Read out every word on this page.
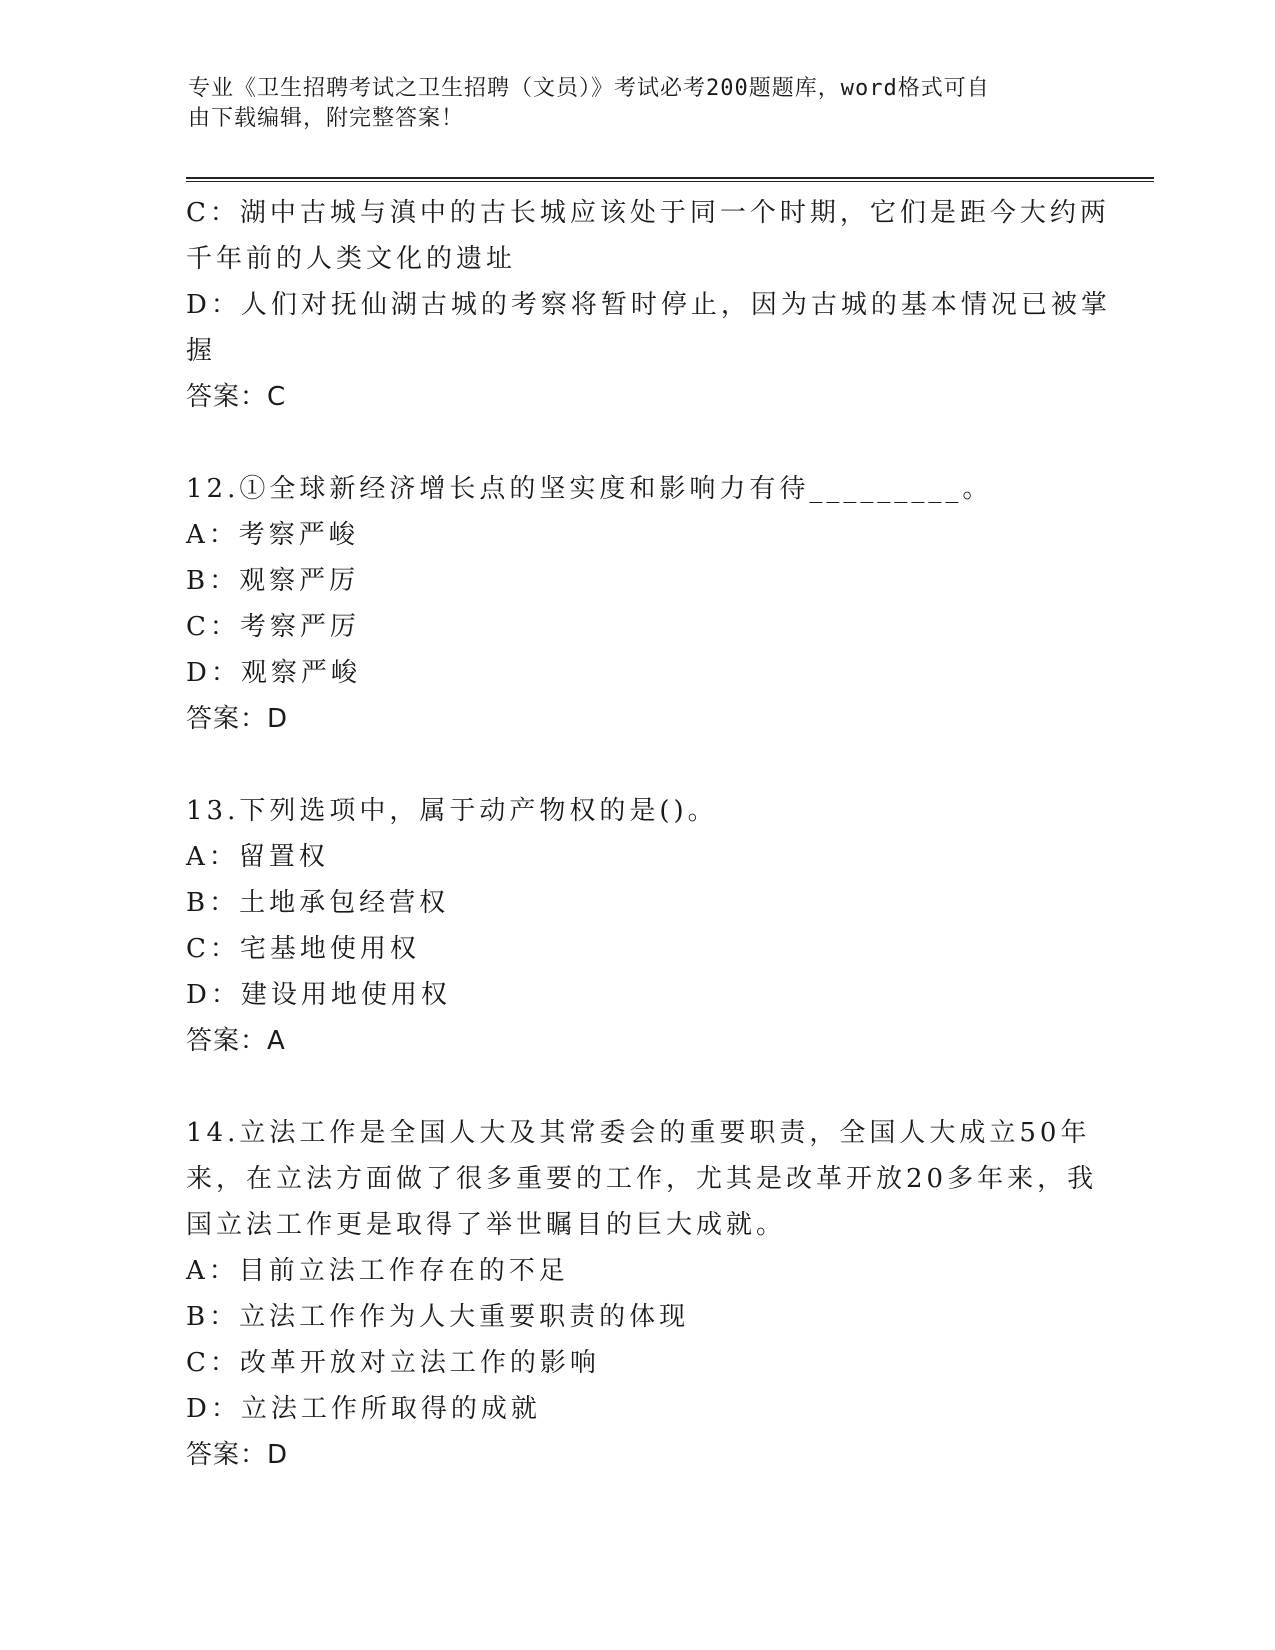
专业《卫生招聘考试之卫生招聘（文员）》考试必考200题题库，word格式可自
由下载编辑，附完整答案！
C：湖中古城与滇中的古长城应该处于同一个时期，它们是距今大约两
千年前的人类文化的遗址
D：人们对抚仙湖古城的考察将暂时停止，因为古城的基本情况已被掌
握
答案：C
12.①全球新经济增长点的坚实度和影响力有待_________。
A：考察严峻
B：观察严厉
C：考察严厉
D：观察严峻
答案：D
13.下列选项中，属于动产物权的是()。
A：留置权
B：土地承包经营权
C：宅基地使用权
D：建设用地使用权
答案：A
14.立法工作是全国人大及其常委会的重要职责，全国人大成立50年
来，在立法方面做了很多重要的工作，尤其是改革开放20多年来，我
国立法工作更是取得了举世瞩目的巨大成就。
A：目前立法工作存在的不足
B：立法工作作为人大重要职责的体现
C：改革开放对立法工作的影响
D：立法工作所取得的成就
答案：D
